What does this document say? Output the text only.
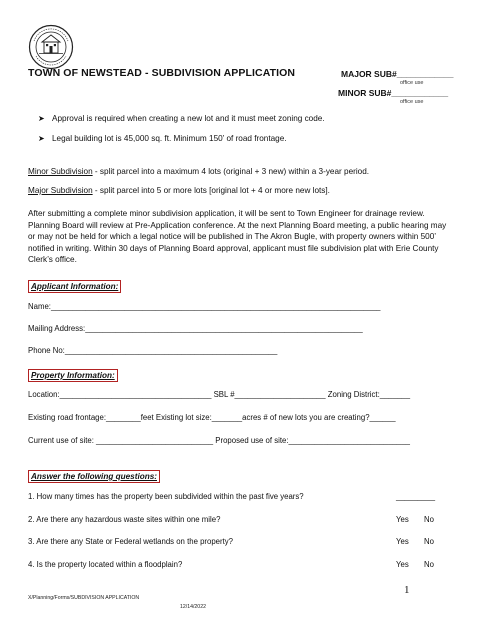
TOWN OF NEWSTEAD - SUBDIVISION APPLICATION	MAJOR SUB#____________
office use
MINOR SUB#____________
office use
➤ Approval is required when creating a new lot and it must meet zoning code.
➤ Legal building lot is 45,000 sq. ft. Minimum 150’ of road frontage.
Minor Subdivision - split parcel into a maximum 4 lots (original + 3 new) within a 3-year period.
Major Subdivision - split parcel into 5 or more lots [original lot + 4 or more new lots].
After submitting a complete minor subdivision application, it will be sent to Town Engineer for drainage review. Planning Board will review at Pre-Application conference. At the next Planning Board meeting, a public hearing may or may not be held for which a legal notice will be published in The Akron Bugle, with property owners within 500’ notified in writing. Within 30 days of Planning Board approval, applicant must file subdivision plat with Erie County Clerk’s office.
Applicant Information:
Name:____________________________________________________________________________
Mailing Address:________________________________________________________________
Phone No:_________________________________________________
Property Information:
Location:___________________________________ SBL #_____________________ Zoning District:_______
Existing road frontage:________feet Existing lot size:_______acres # of new lots you are creating?______
Current use of site: ___________________________ Proposed use of site:____________________________
Answer the following questions:
1. How many times has the property been subdivided within the past five years?	_________
2. Are there any hazardous waste sites within one mile?	Yes No
3. Are there any State or Federal wetlands on the property?	Yes No
4. Is the property located within a floodplain?	Yes No
1
X/Planning/Forms/SUBDIVISION APPLICATION
12/14/2022
